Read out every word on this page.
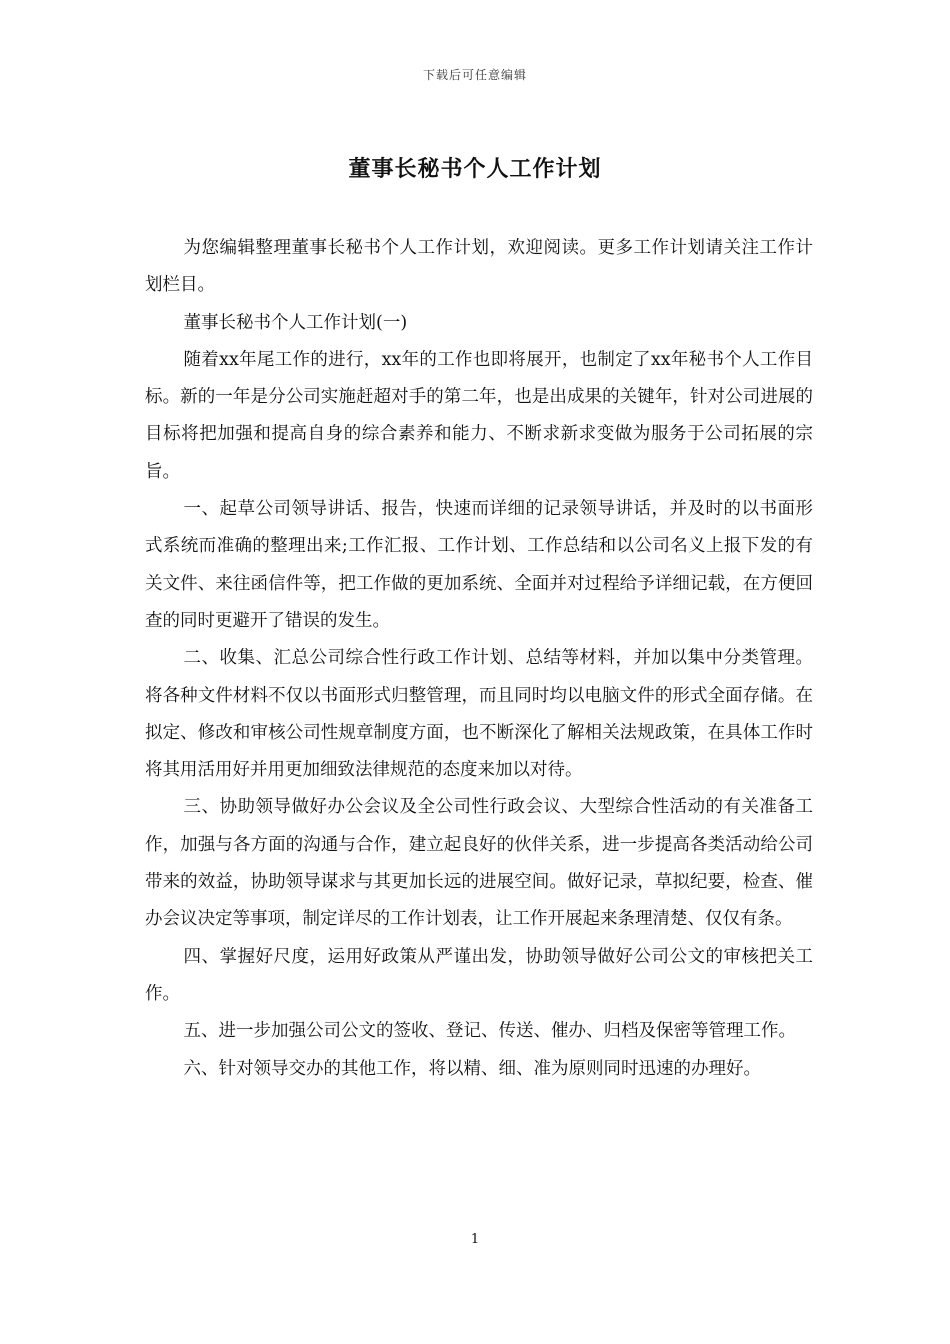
下载后可任意编辑
董事长秘书个人工作计划

为您编辑整理董事长秘书个人工作计划，欢迎阅读。更多工作计划请关注工作计划栏目。

董事长秘书个人工作计划(一)

随着xx年尾工作的进行，xx年的工作也即将展开，也制定了xx年秘书个人工作目标。新的一年是分公司实施赶超对手的第二年，也是出成果的关键年，针对公司进展的目标将把加强和提高自身的综合素养和能力、不断求新求变做为服务于公司拓展的宗旨。

一、起草公司领导讲话、报告，快速而详细的记录领导讲话，并及时的以书面形式系统而准确的整理出来;工作汇报、工作计划、工作总结和以公司名义上报下发的有关文件、来往函信件等，把工作做的更加系统、全面并对过程给予详细记载，在方便回查的同时更避开了错误的发生。

二、收集、汇总公司综合性行政工作计划、总结等材料，并加以集中分类管理。将各种文件材料不仅以书面形式归整管理，而且同时均以电脑文件的形式全面存储。在拟定、修改和审核公司性规章制度方面，也不断深化了解相关法规政策，在具体工作时将其用活用好并用更加细致法律规范的态度来加以对待。

三、协助领导做好办公会议及全公司性行政会议、大型综合性活动的有关准备工作，加强与各方面的沟通与合作，建立起良好的伙伴关系，进一步提高各类活动给公司带来的效益，协助领导谋求与其更加长远的进展空间。做好记录，草拟纪要，检查、催办会议决定等事项，制定详尽的工作计划表，让工作开展起来条理清楚、仅仅有条。

四、掌握好尺度，运用好政策从严谨出发，协助领导做好公司公文的审核把关工作。

五、进一步加强公司公文的签收、登记、传送、催办、归档及保密等管理工作。

六、针对领导交办的其他工作，将以精、细、准为原则同时迅速的办理好。

1
